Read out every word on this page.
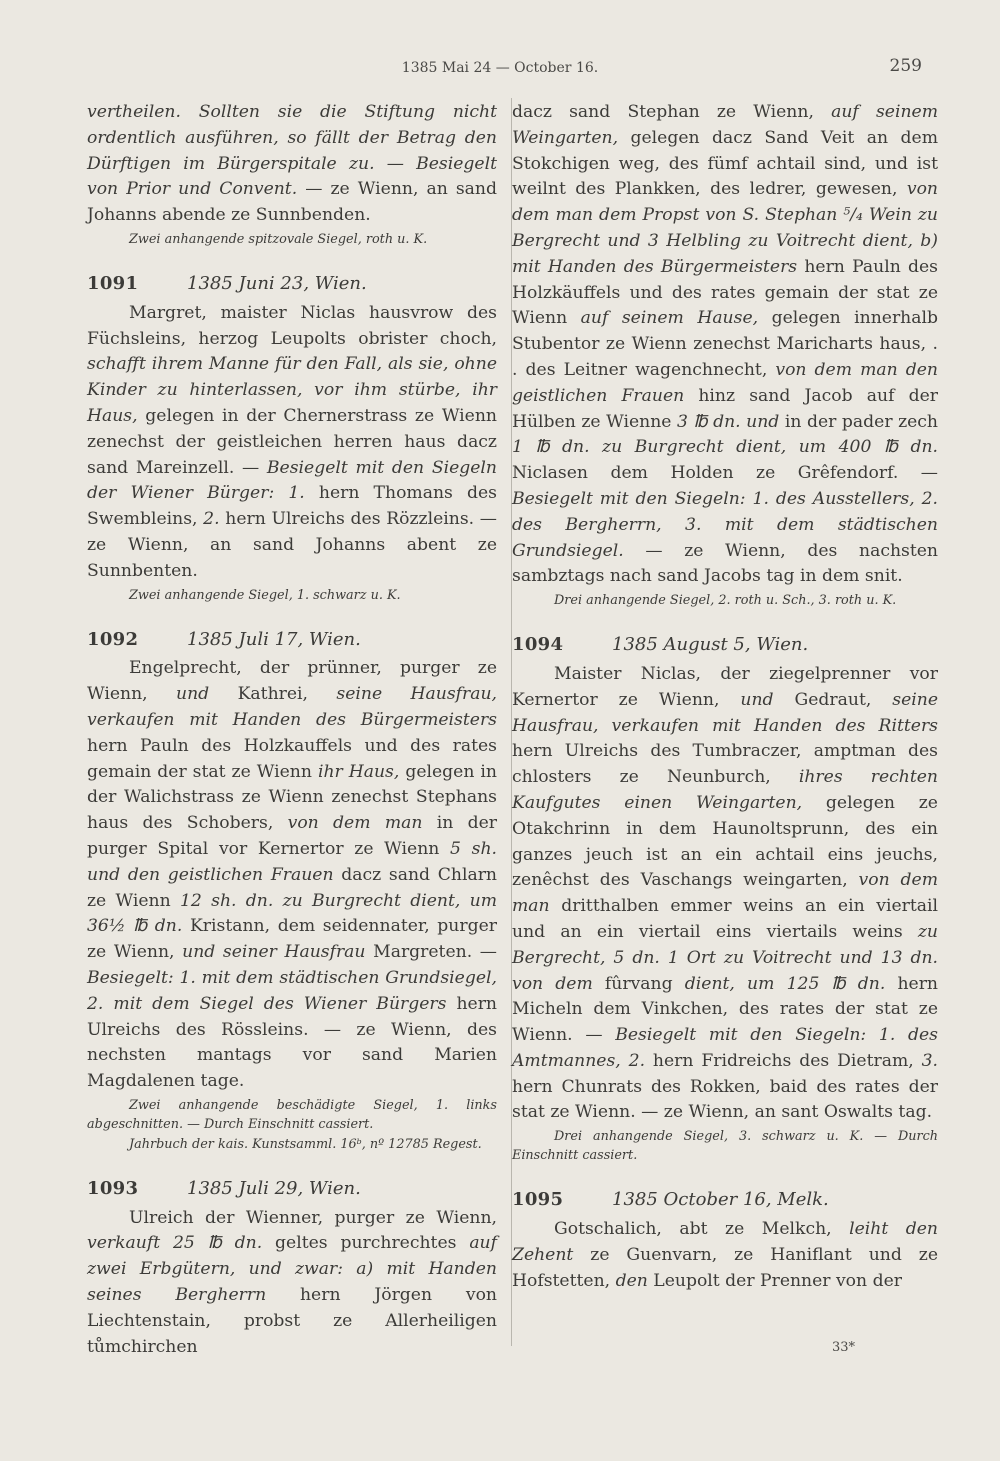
1385 Mai 24 — October 16.	259

vertheilen. Sollten sie die Stiftung nicht ordentlich ausführen, so fällt der Betrag den Dürftigen im Bürgerspitale zu. — Besiegelt von Prior und Convent. — ze Wienn, an sand Johanns abende ze Sunnbenden.

Zwei anhangende spitzovale Siegel, roth u. K.

1091	1385 Juni 23, Wien.

Margret, maister Niclas hausvrow des Füchsleins, herzog Leupolts obrister choch, schafft ihrem Manne für den Fall, als sie, ohne Kinder zu hinterlassen, vor ihm stürbe, ihr Haus, gelegen in der Chernerstrass ze Wienn zenechst der geistleichen herren haus dacz sand Mareinzell. — Besiegelt mit den Siegeln der Wiener Bürger: 1. hern Thomans des Swembleins, 2. hern Ulreichs des Rözzleins. — ze Wienn, an sand Johanns abent ze Sunnbenten.

Zwei anhangende Siegel, 1. schwarz u. K.

1092	1385 Juli 17, Wien.

Engelprecht, der prünner, purger ze Wienn, und Kathrei, seine Hausfrau, verkaufen mit Handen des Bürgermeisters hern Pauln des Holzkauffels und des rates gemain der stat ze Wienn ihr Haus, gelegen in der Walichstrass ze Wienn zenechst Stephans haus des Schobers, von dem man in der purger Spital vor Kernertor ze Wienn 5 sh. und den geistlichen Frauen dacz sand Chlarn ze Wienn 12 sh. dn. zu Burgrecht dient, um 36½ ℔ dn. Kristann, dem seidennater, purger ze Wienn, und seiner Hausfrau Margreten. — Besiegelt: 1. mit dem städtischen Grundsiegel, 2. mit dem Siegel des Wiener Bürgers hern Ulreichs des Rössleins. — ze Wienn, des nechsten mantags vor sand Marien Magdalenen tage.

Zwei anhangende beschädigte Siegel, 1. links abgeschnitten. — Durch Einschnitt cassiert.

Jahrbuch der kais. Kunstsamml. 16ᵇ, nº 12785 Regest.

1093	1385 Juli 29, Wien.

Ulreich der Wienner, purger ze Wienn, verkauft 25 ℔ dn. geltes purchrechtes auf zwei Erbgütern, und zwar: a) mit Handen seines Bergherrn hern Jörgen von Liechtenstain, probst ze Allerheiligen tůmchirchen

dacz sand Stephan ze Wienn, auf seinem Weingarten, gelegen dacz Sand Veit an dem Stokchigen weg, des fümf achtail sind, und ist weilnt des Plankken, des ledrer, gewesen, von dem man dem Propst von S. Stephan ⁵/₄ Wein zu Bergrecht und 3 Helbling zu Voitrecht dient, b) mit Handen des Bürgermeisters hern Pauln des Holzkäuffels und des rates gemain der stat ze Wienn auf seinem Hause, gelegen innerhalb Stubentor ze Wienn zenechst Maricharts haus, . . des Leitner wagenchnecht, von dem man den geistlichen Frauen hinz sand Jacob auf der Hülben ze Wienne 3 ℔ dn. und in der pader zech 1 ℔ dn. zu Burgrecht dient, um 400 ℔ dn. Niclasen dem Holden ze Grêfendorf. — Besiegelt mit den Siegeln: 1. des Ausstellers, 2. des Bergherrn, 3. mit dem städtischen Grundsiegel. — ze Wienn, des nachsten sambztags nach sand Jacobs tag in dem snit.

Drei anhangende Siegel, 2. roth u. Sch., 3. roth u. K.

1094	1385 August 5, Wien.

Maister Niclas, der ziegelprenner vor Kernertor ze Wienn, und Gedraut, seine Hausfrau, verkaufen mit Handen des Ritters hern Ulreichs des Tumbraczer, amptman des chlosters ze Neunburch, ihres rechten Kaufgutes einen Weingarten, gelegen ze Otakchrinn in dem Haunoltsprunn, des ein ganzes jeuch ist an ein achtail eins jeuchs, zenêchst des Vaschangs weingarten, von dem man dritthalben emmer weins an ein viertail und an ein viertail eins viertails weins zu Bergrecht, 5 dn. 1 Ort zu Voitrecht und 13 dn. von dem fûrvang dient, um 125 ℔ dn. hern Micheln dem Vinkchen, des rates der stat ze Wienn. — Besiegelt mit den Siegeln: 1. des Amtmannes, 2. hern Fridreichs des Dietram, 3. hern Chunrats des Rokken, baid des rates der stat ze Wienn. — ze Wienn, an sant Oswalts tag.

Drei anhangende Siegel, 3. schwarz u. K. — Durch Einschnitt cassiert.

1095	1385 October 16, Melk.

Gotschalich, abt ze Melkch, leiht den Zehent ze Guenvarn, ze Haniflant und ze Hofstetten, den Leupolt der Prenner von der

33*
